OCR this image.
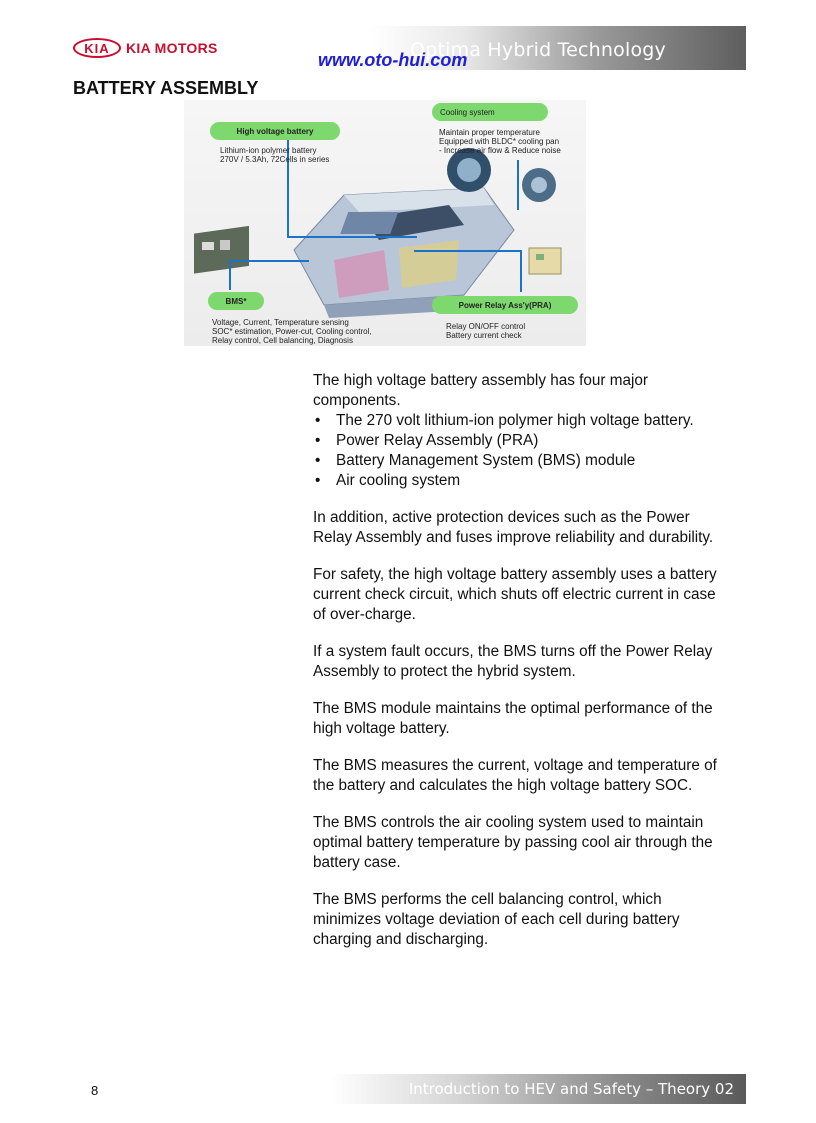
Optima Hybrid Technology
www.oto-hui.com
KIA	KIA MOTORS
BATTERY ASSEMBLY
High voltage battery
Lithium-ion polymer battery
270V / 5.3Ah, 72Cells in series
Cooling system
Maintain proper temperature
Equipped with BLDC* cooling pan
- Increase air flow & Reduce noise
BMS*
Voltage, Current, Temperature sensing
SOC* estimation, Power-cut, Cooling control,
Relay control, Cell balancing, Diagnosis
Power Relay Ass'y(PRA)
Relay ON/OFF control
Battery current check

The high voltage battery assembly has four major components.

• The 270 volt lithium-ion polymer high voltage battery.
• Power Relay Assembly (PRA)
• Battery Management System (BMS) module
• Air cooling system

In addition, active protection devices such as the Power Relay Assembly and fuses improve reliability and durability.

For safety, the high voltage battery assembly uses a battery current check circuit, which shuts off electric current in case of over-charge.

If a system fault occurs, the BMS turns off the Power Relay Assembly to protect the hybrid system.

The BMS module maintains the optimal performance of the high voltage battery.

The BMS measures the current, voltage and temperature of the battery and calculates the high voltage battery SOC.

The BMS controls the air cooling system used to maintain optimal battery temperature by passing cool air through the battery case.

The BMS performs the cell balancing control, which minimizes voltage deviation of each cell during battery charging and discharging.

8	Introduction to HEV and Safety – Theory 02
